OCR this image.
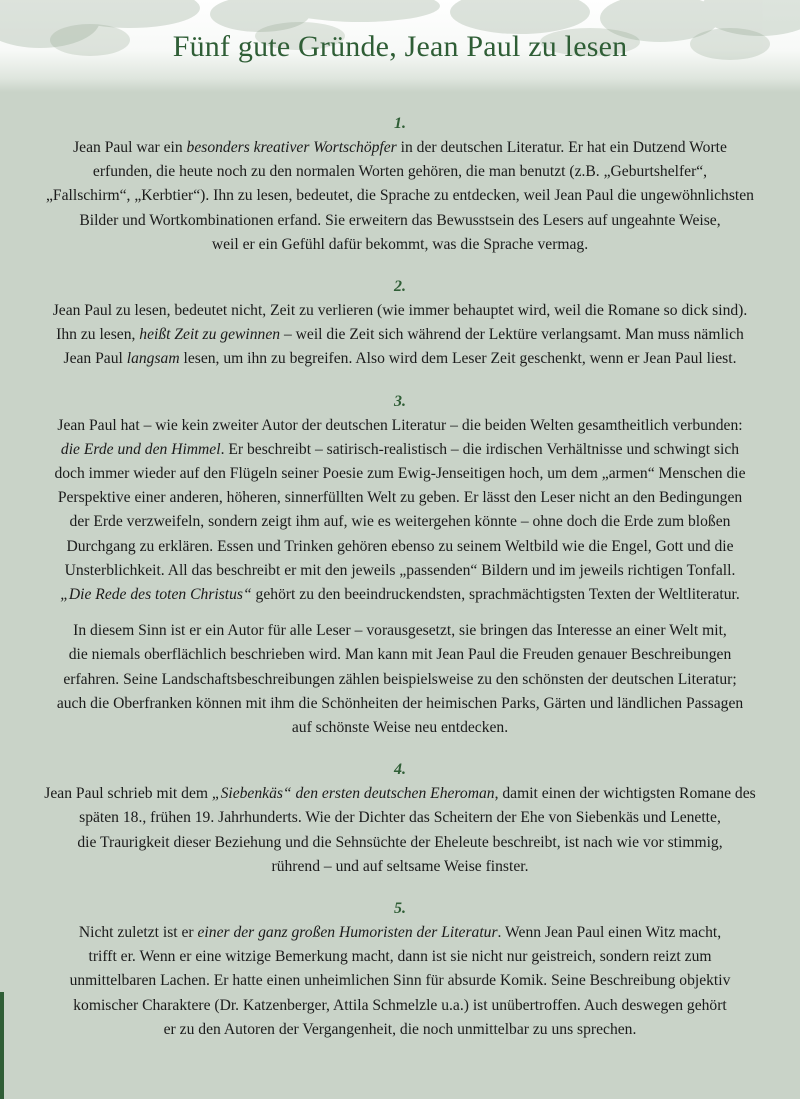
Fünf gute Gründe, Jean Paul zu lesen
1.

Jean Paul war ein besonders kreativer Wortschöpfer in der deutschen Literatur. Er hat ein Dutzend Worte
erfunden, die heute noch zu den normalen Worten gehören, die man benutzt (z.B. „Geburtshelfer“,
„Fallschirm“, „Kerbtier“). Ihn zu lesen, bedeutet, die Sprache zu entdecken, weil Jean Paul die ungewöhnlichsten
Bilder und Wortkombinationen erfand. Sie erweitern das Bewusstsein des Lesers auf ungeahnte Weise,
weil er ein Gefühl dafür bekommt, was die Sprache vermag.

2.

Jean Paul zu lesen, bedeutet nicht, Zeit zu verlieren (wie immer behauptet wird, weil die Romane so dick sind).
Ihn zu lesen, heißt Zeit zu gewinnen – weil die Zeit sich während der Lektüre verlangsamt. Man muss nämlich
Jean Paul langsam lesen, um ihn zu begreifen. Also wird dem Leser Zeit geschenkt, wenn er Jean Paul liest.

3.

Jean Paul hat – wie kein zweiter Autor der deutschen Literatur – die beiden Welten gesamtheitlich verbunden:
die Erde und den Himmel. Er beschreibt – satirisch-realistisch – die irdischen Verhältnisse und schwingt sich
doch immer wieder auf den Flügeln seiner Poesie zum Ewig-Jenseitigen hoch, um dem „armen“ Menschen die
Perspektive einer anderen, höheren, sinnerfüllten Welt zu geben. Er lässt den Leser nicht an den Bedingungen
der Erde verzweifeln, sondern zeigt ihm auf, wie es weitergehen könnte – ohne doch die Erde zum bloßen
Durchgang zu erklären. Essen und Trinken gehören ebenso zu seinem Weltbild wie die Engel, Gott und die
Unsterblichkeit. All das beschreibt er mit den jeweils „passenden“ Bildern und im jeweils richtigen Tonfall.
„Die Rede des toten Christus“ gehört zu den beeindruckendsten, sprachmächtigsten Texten der Weltliteratur.

In diesem Sinn ist er ein Autor für alle Leser – vorausgesetzt, sie bringen das Interesse an einer Welt mit,
die niemals oberflächlich beschrieben wird. Man kann mit Jean Paul die Freuden genauer Beschreibungen
erfahren. Seine Landschaftsbeschreibungen zählen beispielsweise zu den schönsten der deutschen Literatur;
auch die Oberfranken können mit ihm die Schönheiten der heimischen Parks, Gärten und ländlichen Passagen
auf schönste Weise neu entdecken.

4.

Jean Paul schrieb mit dem „Siebenkäs“ den ersten deutschen Eheroman, damit einen der wichtigsten Romane des
späten 18., frühen 19. Jahrhunderts. Wie der Dichter das Scheitern der Ehe von Siebenkäs und Lenette,
die Traurigkeit dieser Beziehung und die Sehnsüchte der Eheleute beschreibt, ist nach wie vor stimmig,
rührend – und auf seltsame Weise finster.

5.

Nicht zuletzt ist er einer der ganz großen Humoristen der Literatur. Wenn Jean Paul einen Witz macht,
trifft er. Wenn er eine witzige Bemerkung macht, dann ist sie nicht nur geistreich, sondern reizt zum
unmittelbaren Lachen. Er hatte einen unheimlichen Sinn für absurde Komik. Seine Beschreibung objektiv
komischer Charaktere (Dr. Katzenberger, Attila Schmelzle u.a.) ist unübertroffen. Auch deswegen gehört
er zu den Autoren der Vergangenheit, die noch unmittelbar zu uns sprechen.
